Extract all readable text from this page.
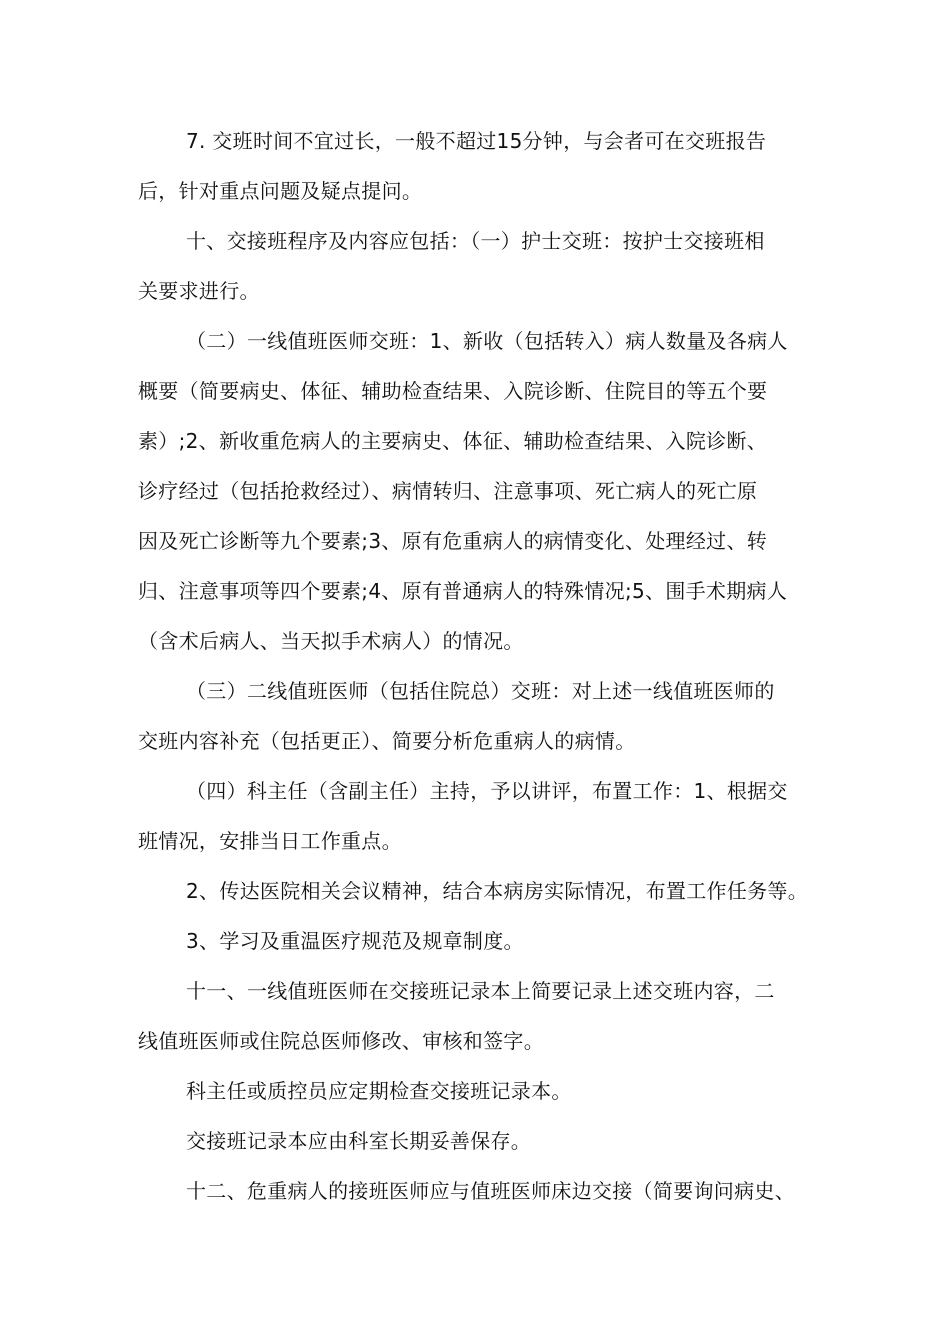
7. 交班时间不宜过长，一般不超过15分钟，与会者可在交班报告
后，针对重点问题及疑点提问。
十、交接班程序及内容应包括：（一）护士交班：按护士交接班相
关要求进行。
（二）一线值班医师交班：1、新收（包括转入）病人数量及各病人
概要（简要病史、体征、辅助检查结果、入院诊断、住院目的等五个要
素）;2、新收重危病人的主要病史、体征、辅助检查结果、入院诊断、
诊疗经过（包括抢救经过）、病情转归、注意事项、死亡病人的死亡原
因及死亡诊断等九个要素;3、原有危重病人的病情变化、处理经过、转
归、注意事项等四个要素;4、原有普通病人的特殊情况;5、围手术期病人
（含术后病人、当天拟手术病人）的情况。
（三）二线值班医师（包括住院总）交班：对上述一线值班医师的
交班内容补充（包括更正）、简要分析危重病人的病情。
（四）科主任（含副主任）主持，予以讲评，布置工作：1、根据交
班情况，安排当日工作重点。
2、传达医院相关会议精神，结合本病房实际情况，布置工作任务等。
3、学习及重温医疗规范及规章制度。
十一、一线值班医师在交接班记录本上简要记录上述交班内容，二
线值班医师或住院总医师修改、审核和签字。
科主任或质控员应定期检查交接班记录本。
交接班记录本应由科室长期妥善保存。
十二、危重病人的接班医师应与值班医师床边交接（简要询问病史、
